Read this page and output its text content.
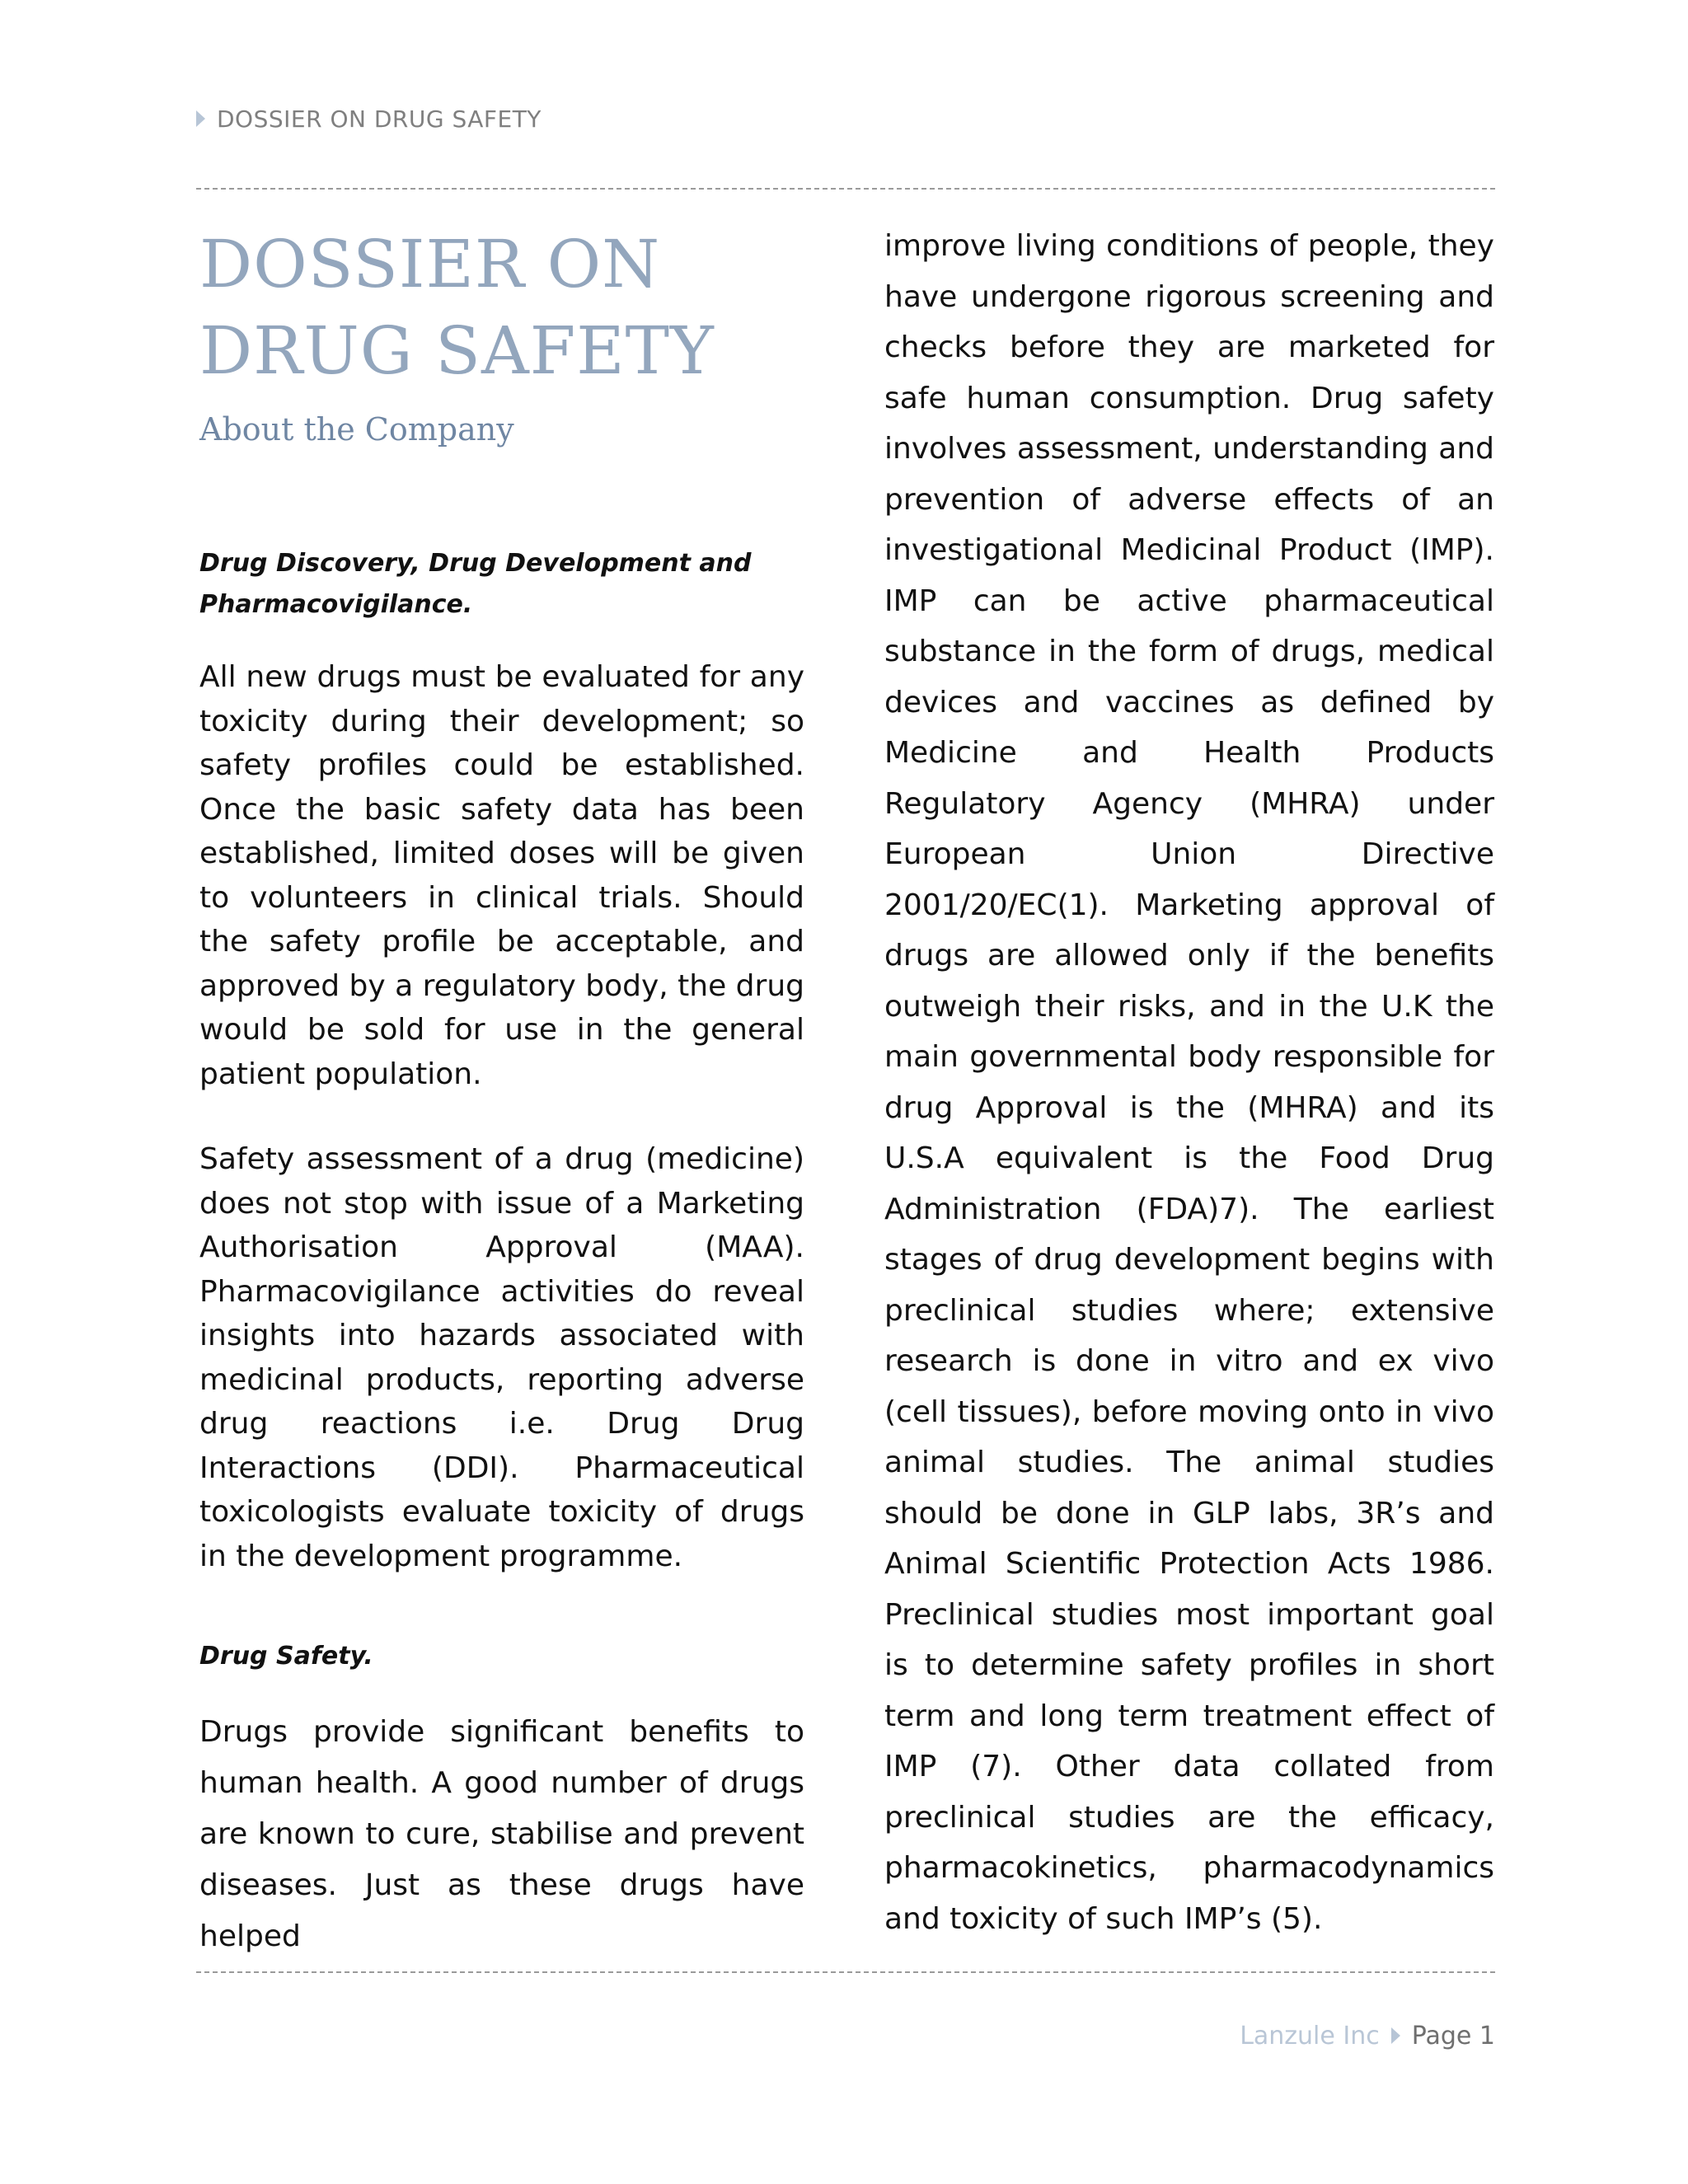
DOSSIER ON DRUG SAFETY
DOSSIER ON
DRUG SAFETY

About the Company

Drug Discovery, Drug Development and
Pharmacovigilance.

All new drugs must be evaluated for any toxicity during their development; so safety profiles could be established. Once the basic safety data has been established, limited doses will be given to volunteers in clinical trials. Should the safety profile be acceptable, and approved by a regulatory body, the drug would be sold for use in the general patient population.

Safety assessment of a drug (medicine) does not stop with issue of a Marketing Authorisation Approval (MAA). Pharmacovigilance activities do reveal insights into hazards associated with medicinal products, reporting adverse drug reactions i.e. Drug Drug Interactions (DDI). Pharmaceutical toxicologists evaluate toxicity of drugs in the development programme.

Drug Safety.

Drugs provide significant benefits to human health. A good number of drugs are known to cure, stabilise and prevent diseases. Just as these drugs have helped

improve living conditions of people, they have undergone rigorous screening and checks before they are marketed for safe human consumption. Drug safety involves assessment, understanding and prevention of adverse effects of an investigational Medicinal Product (IMP). IMP can be active pharmaceutical substance in the form of drugs, medical devices and vaccines as defined by Medicine and Health Products Regulatory Agency (MHRA) under European Union Directive 2001/20/EC(1). Marketing approval of drugs are allowed only if the benefits outweigh their risks, and in the U.K the main governmental body responsible for drug Approval is the (MHRA) and its U.S.A equivalent is the Food Drug Administration (FDA)7). The earliest stages of drug development begins with preclinical studies where; extensive research is done in vitro and ex vivo (cell tissues), before moving onto in vivo animal studies. The animal studies should be done in GLP labs, 3R’s and Animal Scientific Protection Acts 1986. Preclinical studies most important goal is to determine safety profiles in short term and long term treatment effect of IMP (7). Other data collated from preclinical studies are the efficacy, pharmacokinetics, pharmacodynamics and toxicity of such IMP’s (5).

Lanzule Inc Page 1
